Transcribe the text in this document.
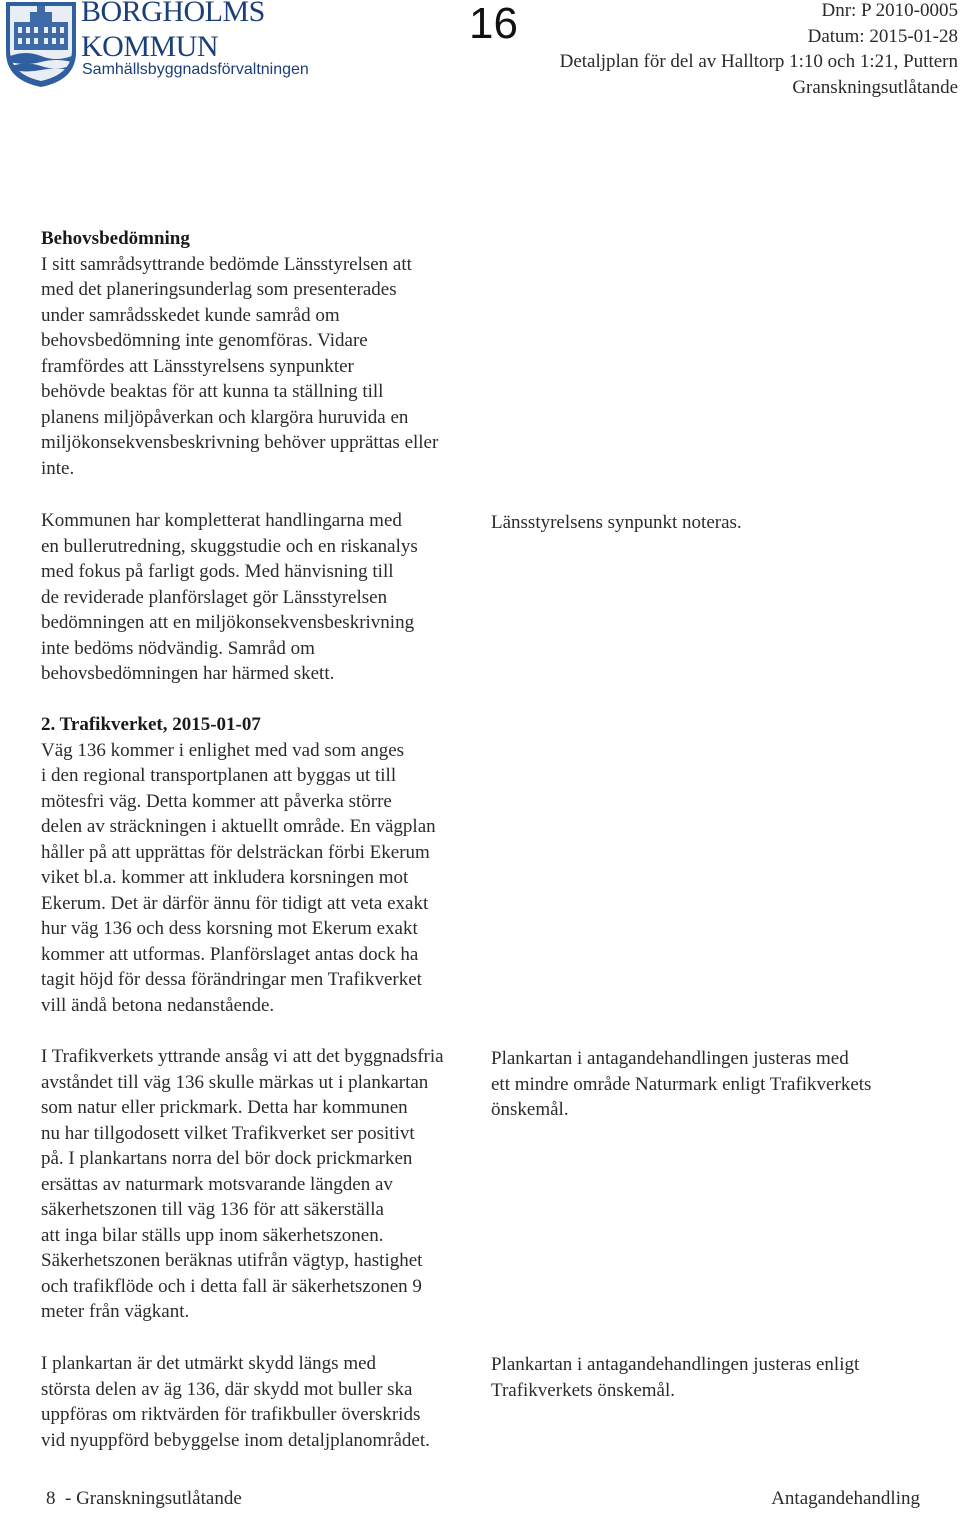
BORGHOLMS
KOMMUN
Samhällsbyggnadsförvaltningen
16	Dnr: P 2010-0005
Datum: 2015-01-28
Detaljplan för del av Halltorp 1:10 och 1:21, Puttern
Granskningsutlåtande

Behovsbedömning

I sitt samrådsyttrande bedömde Länsstyrelsen att

med det planeringsunderlag som presenterades

under samrådsskedet kunde samråd om

behovsbedömning inte genomföras. Vidare

framfördes att Länsstyrelsens synpunkter

behövde beaktas för att kunna ta ställning till

planens miljöpåverkan och klargöra huruvida en

miljökonsekvensbeskrivning behöver upprättas eller

inte.

Kommunen har kompletterat handlingarna med

en bullerutredning, skuggstudie och en riskanalys

med fokus på farligt gods. Med hänvisning till

de reviderade planförslaget gör Länsstyrelsen

bedömningen att en miljökonsekvensbeskrivning

inte bedöms nödvändig. Samråd om

behovsbedömningen har härmed skett.

Länsstyrelsens synpunkt noteras.

2. Trafikverket, 2015-01-07

Väg 136 kommer i enlighet med vad som anges

i den regional transportplanen att byggas ut till

mötesfri väg. Detta kommer att påverka större

delen av sträckningen i aktuellt område. En vägplan

håller på att upprättas för delsträckan förbi Ekerum

viket bl.a. kommer att inkludera korsningen mot

Ekerum. Det är därför ännu för tidigt att veta exakt

hur väg 136 och dess korsning mot Ekerum exakt

kommer att utformas. Planförslaget antas dock ha

tagit höjd för dessa förändringar men Trafikverket

vill ändå betona nedanstående.

I Trafikverkets yttrande ansåg vi att det byggnadsfria

avståndet till väg 136 skulle märkas ut i plankartan

som natur eller prickmark. Detta har kommunen

nu har tillgodosett vilket Trafikverket ser positivt

på. I plankartans norra del bör dock prickmarken

ersättas av naturmark motsvarande längden av

säkerhetszonen till väg 136 för att säkerställa

att inga bilar ställs upp inom säkerhetszonen.

Säkerhetszonen beräknas utifrån vägtyp, hastighet

och trafikflöde och i detta fall är säkerhetszonen 9

meter från vägkant.

Plankartan i antagandehandlingen justeras med

ett mindre område Naturmark enligt Trafikverkets

önskemål.

I plankartan är det utmärkt skydd längs med

största delen av äg 136, där skydd mot buller ska

uppföras om riktvärden för trafikbuller överskrids

vid nyuppförd bebyggelse inom detaljplanområdet.

Plankartan i antagandehandlingen justeras enligt

Trafikverkets önskemål.

8 - Granskningsutlåtande	Antagandehandling
